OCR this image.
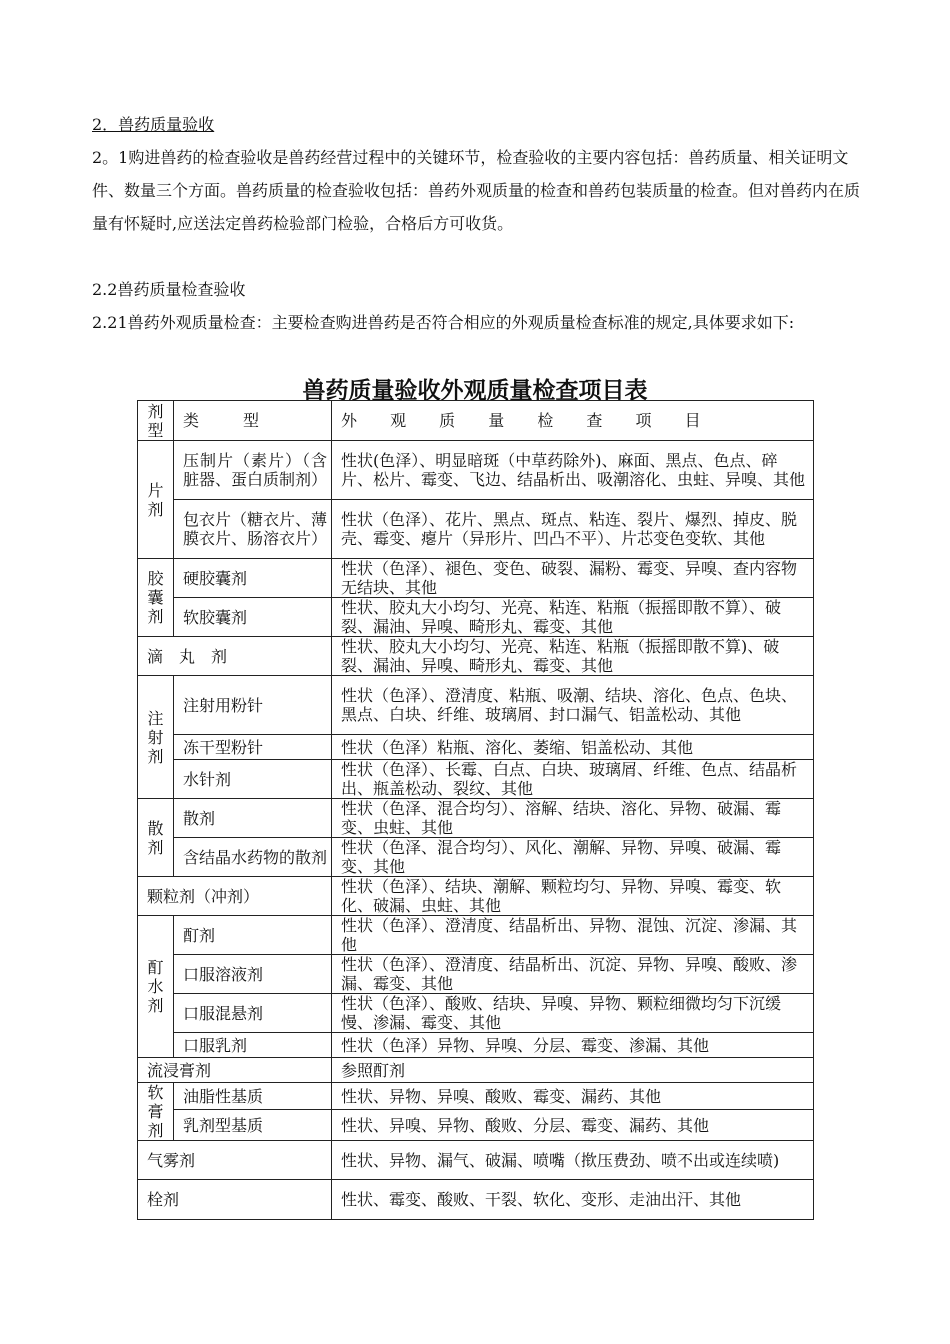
2．兽药质量验收

2。1购进兽药的检查验收是兽药经营过程中的关键环节，检查验收的主要内容包括：兽药质量、相关证明文件、数量三个方面。兽药质量的检查验收包括：兽药外观质量的检查和兽药包装质量的检查。但对兽药内在质量有怀疑时,应送法定兽药检验部门检验，合格后方可收货。

2.2兽药质量检查验收

2.21兽药外观质量检查：主要检查购进兽药是否符合相应的外观质量检查标准的规定,具体要求如下:

兽药质量验收外观质量检查项目表

剂型	类　型	外 观 质 量 检 查 项 目
片剂	压制片（素片）（含脏器、蛋白质制剂）	性状(色泽）、明显暗斑（中草药除外)、麻面、黑点、色点、碎片、松片、霉变、飞边、结晶析出、吸潮溶化、虫蛀、异嗅、其他
	包衣片（糖衣片、薄膜衣片、肠溶衣片）	性状（色泽）、花片、黑点、斑点、粘连、裂片、爆烈、掉皮、脱壳、霉变、瘪片（异形片、凹凸不平）、片芯变色变软、其他
胶囊剂	硬胶囊剂	性状（色泽）、褪色、变色、破裂、漏粉、霉变、异嗅、查内容物无结块、其他
	软胶囊剂	性状、胶丸大小均匀、光亮、粘连、粘瓶（振摇即散不算）、破裂、漏油、异嗅、畸形丸、霉变、其他
滴　丸　剂		性状、胶丸大小均匀、光亮、粘连、粘瓶（振摇即散不算)、破裂、漏油、异嗅、畸形丸、霉变、其他
注射剂	注射用粉针	性状（色泽）、澄清度、粘瓶、吸潮、结块、溶化、色点、色块、黑点、白块、纤维、玻璃屑、封口漏气、铝盖松动、其他
	冻干型粉针	性状（色泽）粘瓶、溶化、萎缩、铝盖松动、其他
	水针剂	性状（色泽）、长霉、白点、白块、玻璃屑、纤维、色点、结晶析出、瓶盖松动、裂纹、其他
散剂	散剂	性状（色泽、混合均匀）、溶解、结块、溶化、异物、破漏、霉变、虫蛀、其他
	含结晶水药物的散剂	性状（色泽、混合均匀）、风化、潮解、异物、异嗅、破漏、霉变、其他
颗粒剂（冲剂）		性状（色泽）、结块、潮解、颗粒均匀、异物、异嗅、霉变、软化、破漏、虫蛀、其他
酊水剂	酊剂	性状（色泽）、澄清度、结晶析出、异物、混蚀、沉淀、渗漏、其他
	口服溶液剂	性状（色泽）、澄清度、结晶析出、沉淀、异物、异嗅、酸败、渗漏、霉变、其他
	口服混悬剂	性状（色泽）、酸败、结块、异嗅、异物、颗粒细微均匀下沉缓慢、渗漏、霉变、其他
	口服乳剂	性状（色泽）异物、异嗅、分层、霉变、渗漏、其他
流浸膏剂		参照酊剂
软膏剂	油脂性基质	性状、异物、异嗅、酸败、霉变、漏药、其他
	乳剂型基质	性状、异嗅、异物、酸败、分层、霉变、漏药、其他
气雾剂		性状、异物、漏气、破漏、喷嘴（揿压费劲、喷不出或连续喷)
栓剂		性状、霉变、酸败、干裂、软化、变形、走油出汗、其他
